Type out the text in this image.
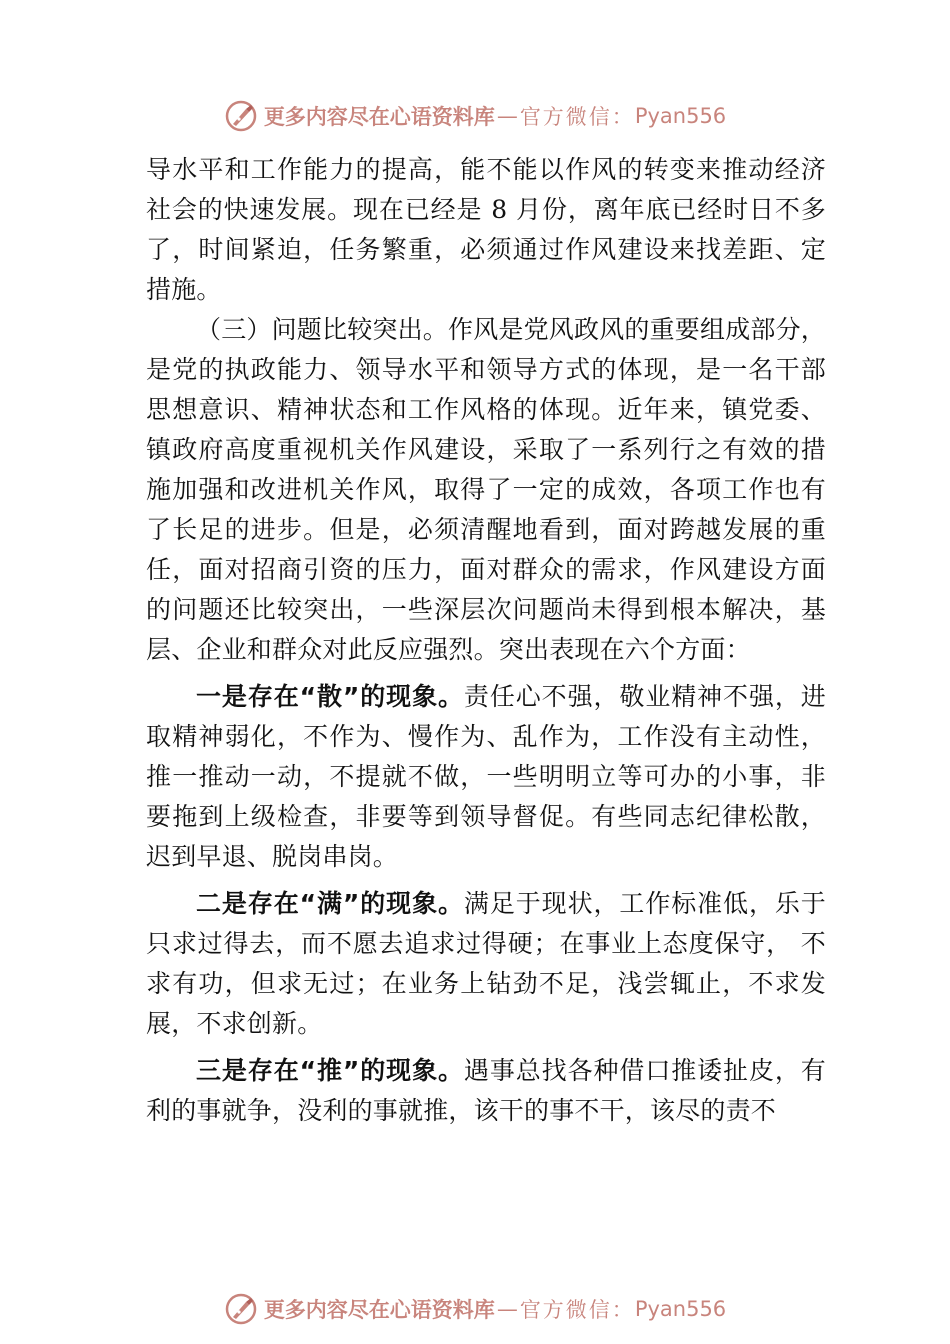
更多内容尽在心语资料库 — 官方微信： Pyan556

导水平和工作能力的提高，能不能以作风的转变来推动经济社会的快速发展。现在已经是 8 月份，离年底已经时日不多了，时间紧迫，任务繁重，必须通过作风建设来找差距、定措施。

（三）问题比较突出。作风是党风政风的重要组成部分，是党的执政能力、领导水平和领导方式的体现，是一名干部思想意识、精神状态和工作风格的体现。近年来，镇党委、 镇政府高度重视机关作风建设，采取了一系列行之有效的措施加强和改进机关作风，取得了一定的成效，各项工作也有了长足的进步。但是，必须清醒地看到，面对跨越发展的重任，面对招商引资的压力，面对群众的需求，作风建设方面的问题还比较突出，一些深层次问题尚未得到根本解决，基层、企业和群众对此反应强烈。突出表现在六个方面：

一是存在“散”的现象。责任心不强，敬业精神不强，进取精神弱化，不作为、慢作为、乱作为，工作没有主动性，推一推动一动，不提就不做，一些明明立等可办的小事，非要拖到上级检查，非要等到领导督促。有些同志纪律松散， 迟到早退、脱岗串岗。

二是存在“满”的现象。满足于现状，工作标准低，乐于只求过得去，而不愿去追求过得硬；在事业上态度保守， 不求有功，但求无过；在业务上钻劲不足，浅尝辄止，不求发展，不求创新。

三是存在“推”的现象。遇事总找各种借口推诿扯皮，有利的事就争，没利的事就推，该干的事不干，该尽的责不

更多内容尽在心语资料库 — 官方微信： Pyan556
